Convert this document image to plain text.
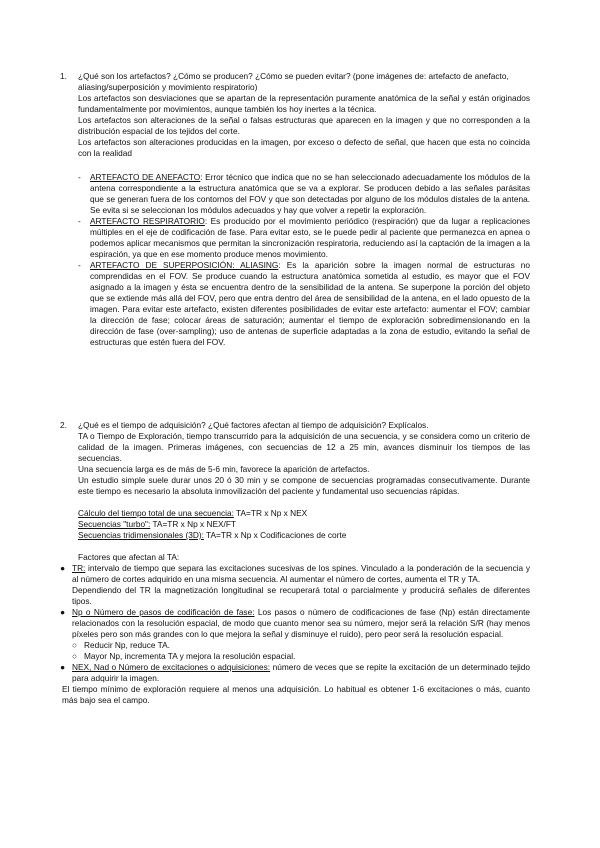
1.	¿Qué son los artefactos? ¿Cómo se producen? ¿Cómo se pueden evitar? (pone imágenes de: artefacto de anefacto, aliasing/superposición y movimiento respiratorio)

Los artefactos son desviaciones que se apartan de la representación puramente anatómica de la señal y están originados fundamentalmente por movimientos, aunque también los hoy inertes a la técnica.

Los artefactos son alteraciones de la señal o falsas estructuras que aparecen en la imagen y que no corresponden a la distribución espacial de los tejidos del corte.

Los artefactos son alteraciones producidas en la imagen, por exceso o defecto de señal, que hacen que esta no coincida con la realidad

-	ARTEFACTO DE ANEFACTO: Error técnico que indica que no se han seleccionado adecuadamente los módulos de la antena correspondiente a la estructura anatómica que se va a explorar. Se producen debido a las señales parásitas que se generan fuera de los contornos del FOV y que son detectadas por alguno de los módulos distales de la antena. Se evita si se seleccionan los módulos adecuados y hay que volver a repetir la exploración.
-	ARTEFACTO RESPIRATORIO: Es producido por el movimiento periódico (respiración) que da lugar a replicaciones múltiples en el eje de codificación de fase. Para evitar esto, se le puede pedir al paciente que permanezca en apnea o podemos aplicar mecanismos que permitan la sincronización respiratoria, reduciendo así la captación de la imagen a la espiración, ya que en ese momento produce menos movimiento.
-	ARTEFACTO DE SUPERPOSICIÓN: ALIASING: Es la aparición sobre la imagen normal de estructuras no comprendidas en el FOV. Se produce cuando la estructura anatómica sometida al estudio, es mayor que el FOV asignado a la imagen y ésta se encuentra dentro de la sensibilidad de la antena. Se superpone la porción del objeto que se extiende más allá del FOV, pero que entra dentro del área de sensibilidad de la antena, en el lado opuesto de la imagen. Para evitar este artefacto, existen diferentes posibilidades de evitar este artefacto: aumentar el FOV; cambiar la dirección de fase; colocar áreas de saturación; aumentar el tiempo de exploración sobredimensionando en la dirección de fase (over-sampling); uso de antenas de superficie adaptadas a la zona de estudio, evitando la señal de estructuras que estén fuera del FOV.
2.	¿Qué es el tiempo de adquisición? ¿Qué factores afectan al tiempo de adquisición? Explícalos.

TA o Tiempo de Exploración, tiempo transcurrido para la adquisición de una secuencia, y se considera como un criterio de calidad de la imagen. Primeras imágenes, con secuencias de 12 a 25 min, avances disminuir los tiempos de las secuencias.

Una secuencia larga es de más de 5-6 min, favorece la aparición de artefactos.

Un estudio simple suele durar unos 20 ó 30 min y se compone de secuencias programadas consecutivamente. Durante este tiempo es necesario la absoluta inmovilización del paciente y fundamental uso secuencias rápidas.

Cálculo del tiempo total de una secuencia: TA=TR x Np x NEX

Secuencias "turbo": TA=TR x Np x NEX/FT

Secuencias tridimensionales (3D): TA=TR x Np x Codificaciones de corte

Factores que afectan al TA:

● TR: intervalo de tiempo que separa las excitaciones sucesivas de los spines. Vinculado a la ponderación de la secuencia y al número de cortes adquirido en una misma secuencia. Al aumentar el número de cortes, aumenta el TR y TA.

Dependiendo del TR la magnetización longitudinal se recuperará total o parcialmente y producirá señales de diferentes tipos.

● Np o Número de pasos de codificación de fase: Los pasos o número de codificaciones de fase (Np) están directamente relacionados con la resolución espacial, de modo que cuanto menor sea su número, mejor será la relación S/R (hay menos píxeles pero son más grandes con lo que mejora la señal y disminuye el ruido), pero peor será la resolución espacial.
○ Reducir Np, reduce TA.
○ Mayor Np, incrementa TA y mejora la resolución espacial.
● NEX, Nad o Número de excitaciones o adquisiciones: número de veces que se repite la excitación de un determinado tejido para adquirir la imagen.

El tiempo mínimo de exploración requiere al menos una adquisición. Lo habitual es obtener 1-6 excitaciones o más, cuanto más bajo sea el campo.
